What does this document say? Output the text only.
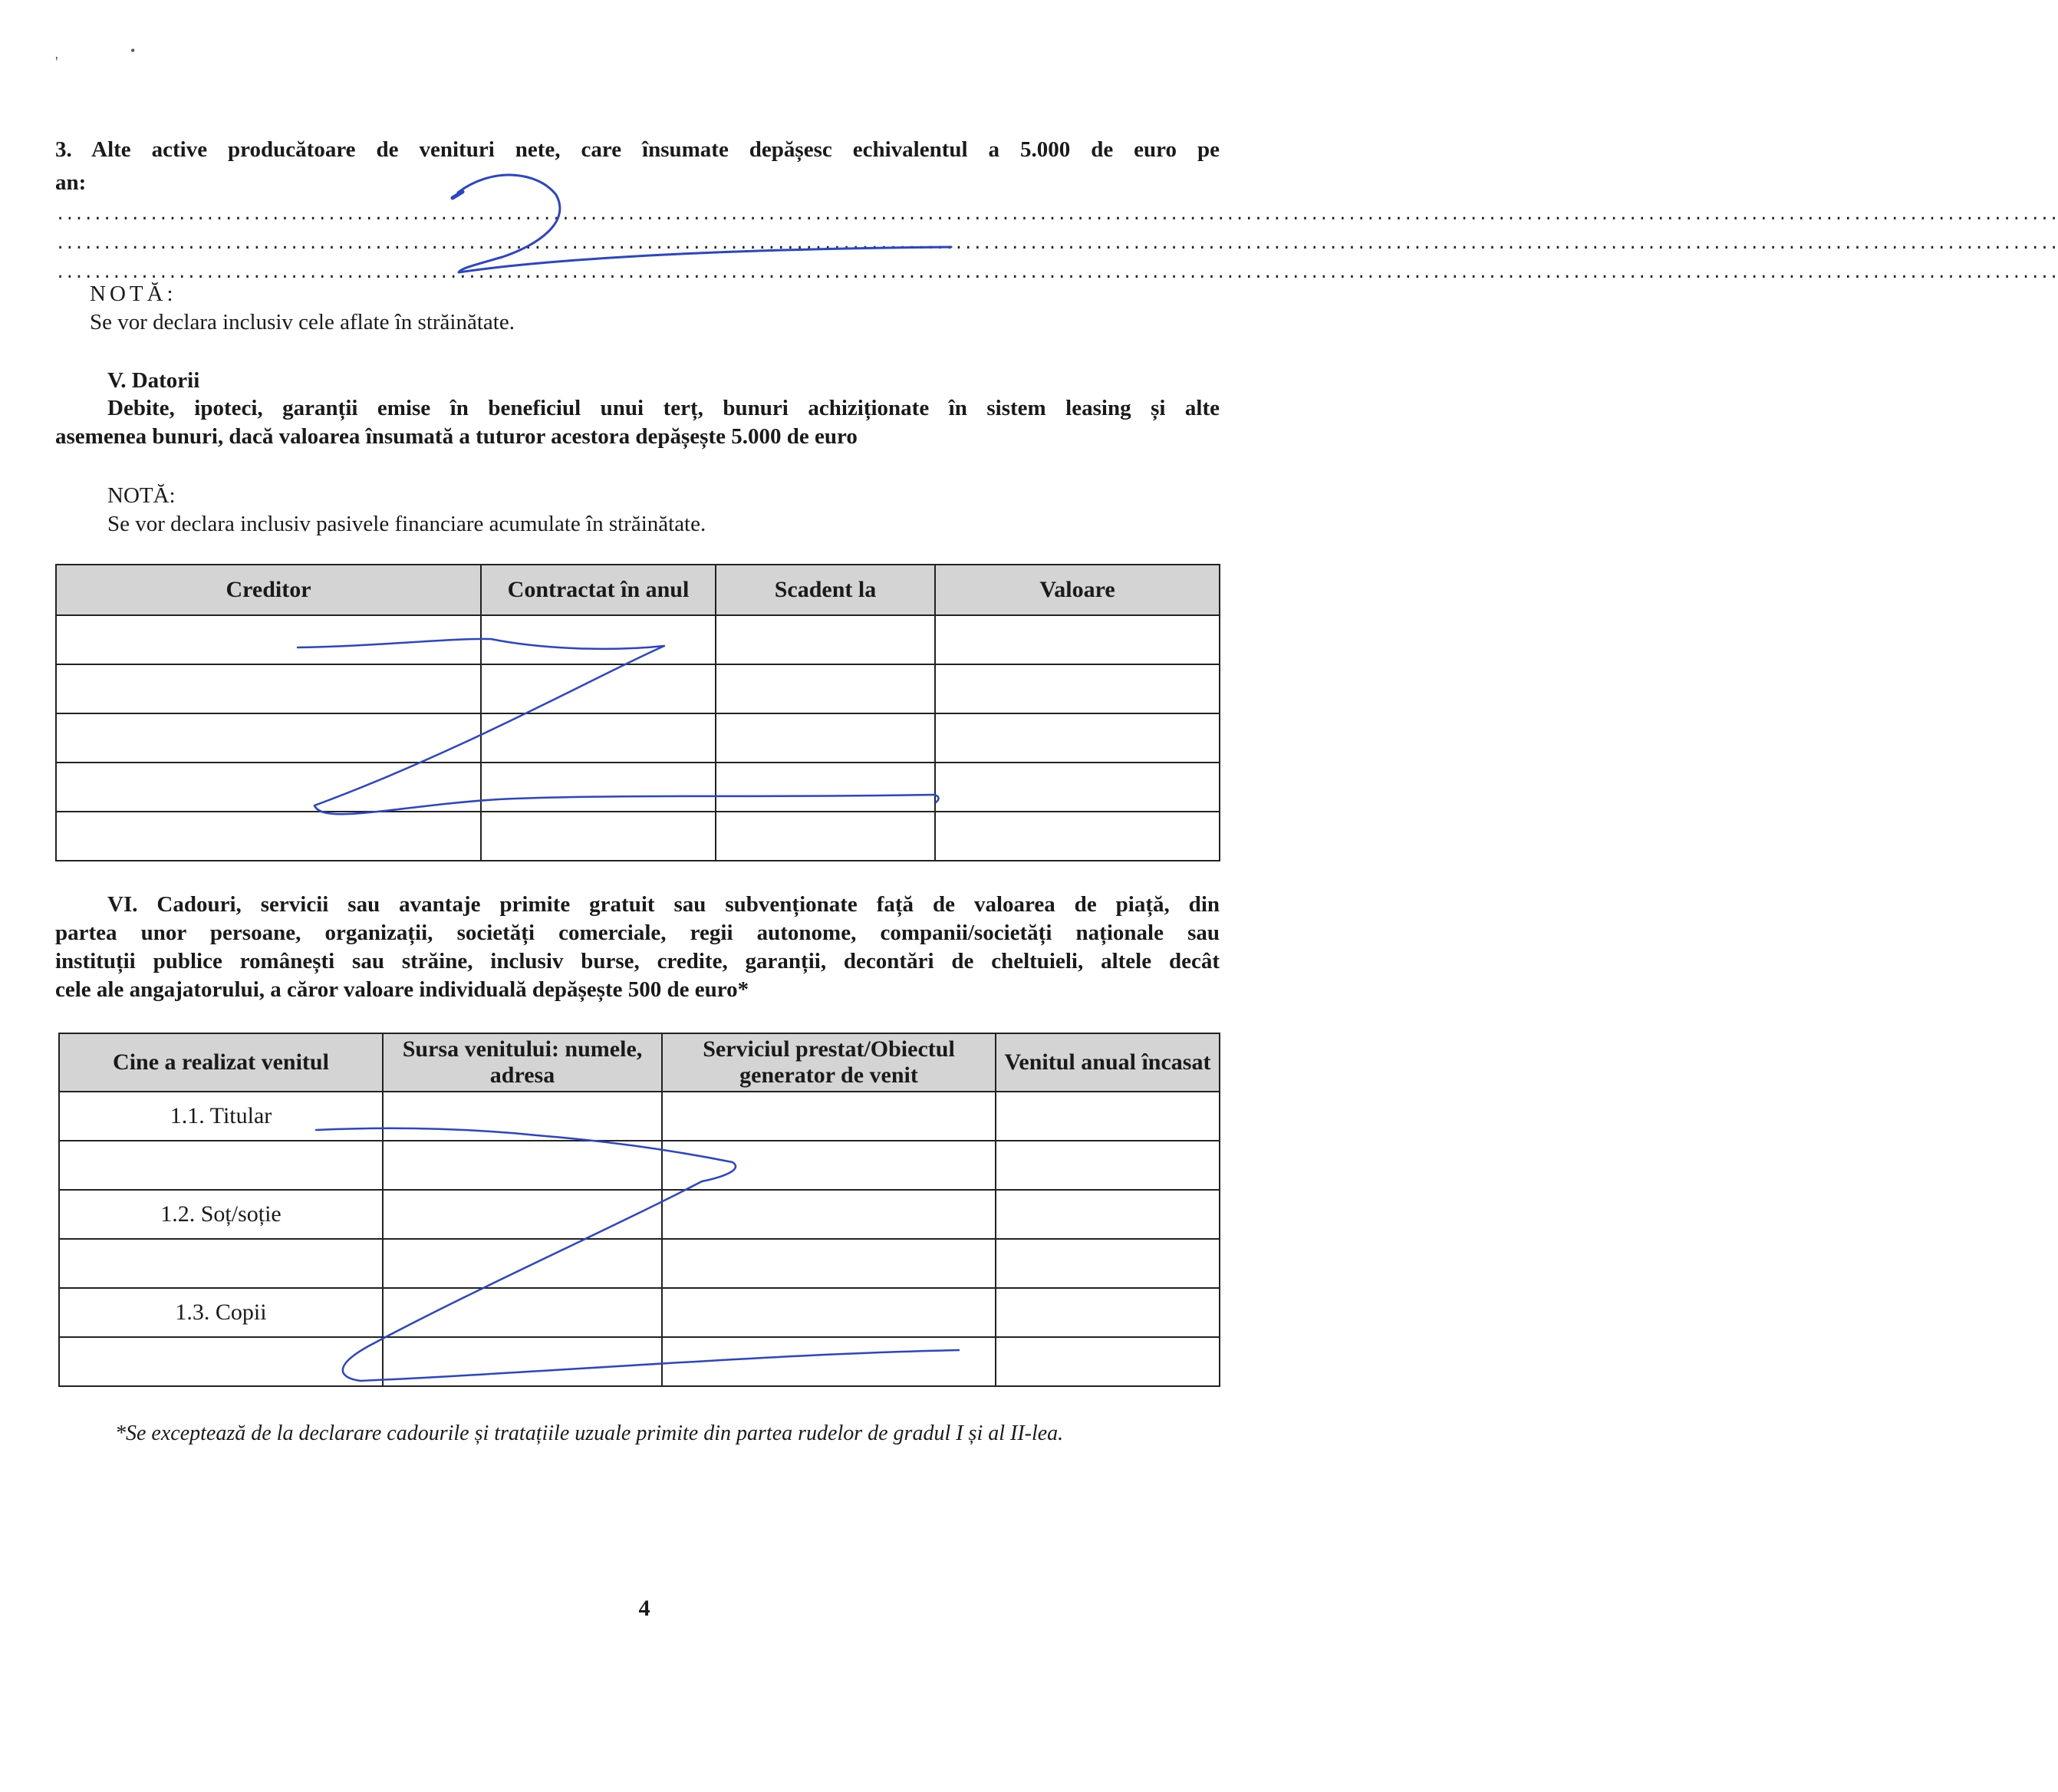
'
•
3. Alte active producătoare de venituri nete, care însumate depășesc echivalentul a 5.000 de euro pe
an:
......................................................................................................................................................................................................................
......................................................................................................................................................................................................................
......................................................................................................................................................................................................................
NOTĂ:
Se vor declara inclusiv cele aflate în străinătate.
V. Datorii
Debite, ipoteci, garanții emise în beneficiul unui terț, bunuri achiziționate în sistem leasing și alte
asemenea bunuri, dacă valoarea însumată a tuturor acestora depășește 5.000 de euro
NOTĂ:
Se vor declara inclusiv pasivele financiare acumulate în străinătate.
Creditor	Contractat în anul	Scadent la	Valoare

VI. Cadouri, servicii sau avantaje primite gratuit sau subvenționate față de valoarea de piață, din
partea unor persoane, organizații, societăți comerciale, regii autonome, companii/societăți naționale sau
instituții publice românești sau străine, inclusiv burse, credite, garanții, decontări de cheltuieli, altele decât
cele ale angajatorului, a căror valoare individuală depășește 500 de euro*
Cine a realizat venitul	Sursa venitului: numele, adresa	Serviciul prestat/Obiectul generator de venit	Venitul anual încasat
1.1. Titular			

1.2. Soț/soție			

1.3. Copii			

*Se exceptează de la declarare cadourile și tratațiile uzuale primite din partea rudelor de gradul I și al II-lea.
4
